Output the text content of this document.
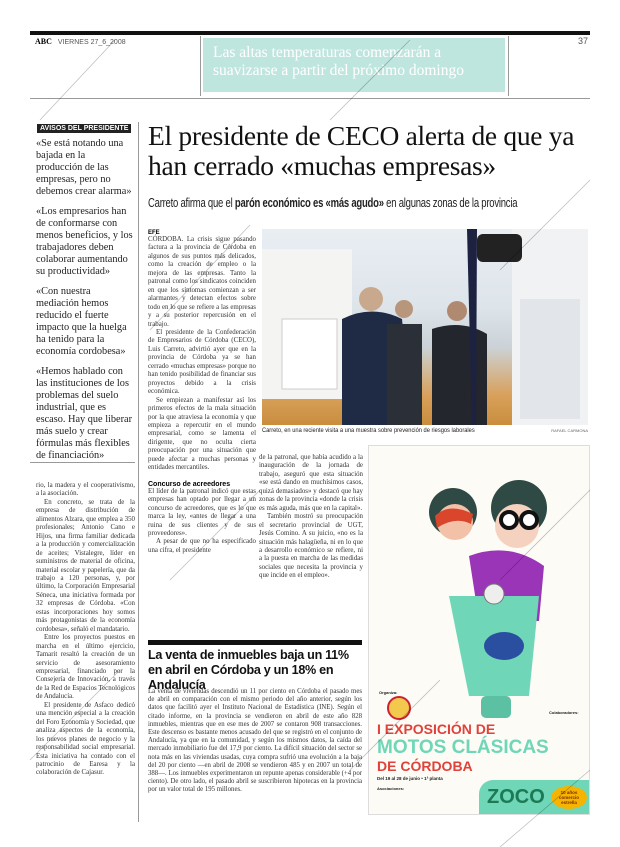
ABC VIERNES 27_6_2008
Las altas temperaturas comenzarán a suavizarse a partir del próximo domingo
37
AVISOS DEL PRESIDENTE

«Se está notando una bajada en la producción de las empresas, pero no debemos crear alarma»

«Los empresarios han de conformarse con menos beneficios, y los trabajadores deben colaborar aumentando su productividad»

«Con nuestra mediación hemos reducido el fuerte impacto que la huelga ha tenido para la economía cordobesa»

«Hemos hablado con las instituciones de los problemas del suelo industrial, que es escaso. Hay que liberar más suelo y crear fórmulas más flexibles de financiación»

El presidente de CECO alerta de que ya han cerrado «muchas empresas»
Carreto afirma que el parón económico es «más agudo» en algunas zonas de la provincia
EFE

CÓRDOBA. La crisis sigue pasando factura a la provincia de Córdoba en algunos de sus puntos más delicados, como la creación de empleo o la mejora de las empresas. Tanto la patronal como los sindicatos coinciden en que los síntomas comienzan a ser alarmantes y detectan efectos sobre todo en lo que se refiere a las empresas y a su posterior repercusión en el trabajo.

El presidente de la Confederación de Empresarios de Córdoba (CECO), Luis Carreto, advirtió ayer que en la provincia de Córdoba ya se han cerrado «muchas empresas» porque no han tenido posibilidad de financiar sus proyectos debido a la crisis económica.

Se empiezan a manifestar así los primeros efectos de la mala situación por la que atraviesa la economía y que empieza a repercutir en el mundo empresarial, como se lamenta el dirigente, que no oculta cierta preocupación por una situación que puede afectar a muchas personas y entidades mercantiles.

Concurso de acreedores

El líder de la patronal indicó que estas empresas han optado por llegar a un concurso de acreedores, que es lo que marca la ley, «antes de llegar a una ruina de sus clientes y de sus proveedores».

A pesar de que no ha especificado una cifra, el presidente

Carreto, en una reciente visita a una muestra sobre prevención de riesgos laborales	RAFAEL CARMONA

de la patronal, que había acudido a la inauguración de la jornada de trabajo, aseguró que esta situación «se está dando en muchísimos casos, quizá demasiados» y destacó que hay zonas de la provincia «donde la crisis es más aguda, más que en la capital».

También mostró su preocupación el secretario provincial de UGT, Jesús Comino. A su juicio, «no es la situación más halagüeña, ni en lo que a desarrollo económico se refiere, ni a la puesta en marcha de las medidas sociales que necesita la provincia y que incide en el empleo».

rio, la madera y el cooperativismo, a la asociación.

En concreto, se trata de la empresa de distribución de alimentos Alzara, que emplea a 350 profesionales; Antonio Cano e Hijos, una firma familiar dedicada a la producción y comercialización de aceites; Vistalegre, líder en suministros de material de oficina, material escolar y papelería, que da trabajo a 120 personas, y, por último, la Corporación Empresarial Séneca, una iniciativa formada por 32 empresas de Córdoba. «Con estas incorporaciones hoy somos más protagonistas de la economía cordobesa», señaló el mandatario.

Entre los proyectos puestos en marcha en el último ejercicio, Tamarit resaltó la creación de un servicio de asesoramiento empresarial, financiado por la Consejería de Innovación, a través de la Red de Espacios Tecnológicos de Andalucía.

El presidente de Asfaco dedicó una mención especial a la creación del Foro Economía y Sociedad, que analiza aspectos de la economía, los nuevos planes de negocio y la responsabilidad social empresarial. Esta iniciativa ha contado con el patrocinio de Earesa y la colaboración de Cajasur.

La venta de inmuebles baja un 11% en abril en Córdoba y un 18% en Andalucía

La venta de viviendas descendió un 11 por ciento en Córdoba el pasado mes de abril en comparación con el mismo periodo del año anterior, según los datos que facilitó ayer el Instituto Nacional de Estadística (INE). Según el citado informe, en la provincia se vendieron en abril de este año 828 inmuebles, mientras que en ese mes de 2007 se contaron 908 transacciones. Este descenso es bastante menos acusado del que se registró en el conjunto de Andalucía, ya que en la comunidad, y según los mismos datos, la caída del mercado inmobiliario fue del 17,9 por ciento. La difícil situación del sector se nota más en las viviendas usadas, cuya compra sufrió una evolución a la baja del 20 por ciento —en abril de 2008 se vendieron 485 y en 2007 un total de 388—. Los inmuebles experimentaron un repunte apenas considerable (+4 por ciento). De otro lado, el pasado abril se suscribieron hipotecas en la provincia por un valor total de 195 millones.

Organiza:
I EXPOSICIÓN DE
MOTOS CLÁSICAS
DE CÓRDOBA
Del 19 al 28 de junio • 1ª planta
Asociaciones:
Colaboradores:
ZOCO	10 años comercio estrella
